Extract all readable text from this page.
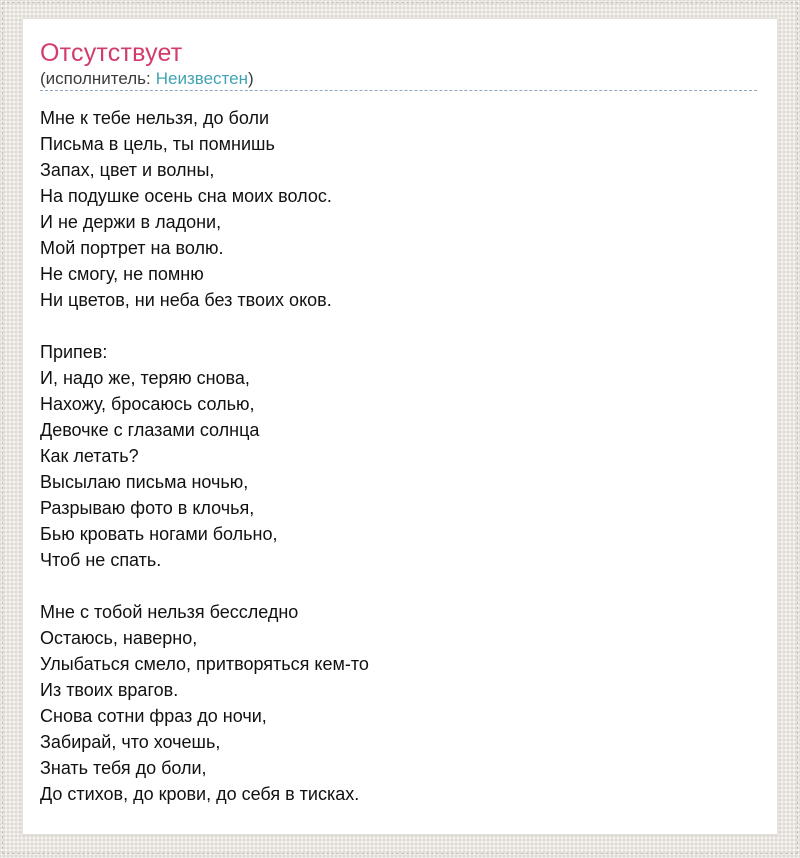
Отсутствует
(исполнитель: Неизвестен)
Мне к тебе нельзя, до боли
Письма в цель, ты помнишь
Запах, цвет и волны,
На подушке осень сна моих волос.
И не держи в ладони,
Мой портрет на волю.
Не смогу, не помню
Ни цветов, ни неба без твоих оков.
Припев:
И, надо же, теряю снова,
Нахожу, бросаюсь солью,
Девочке с глазами солнца
Как летать?
Высылаю письма ночью,
Разрываю фото в клочья,
Бью кровать ногами больно,
Чтоб не спать.
Мне с тобой нельзя бесследно
Остаюсь, наверно,
Улыбаться смело, притворяться кем-то
Из твоих врагов.
Снова сотни фраз до ночи,
Забирай, что хочешь,
Знать тебя до боли,
До стихов, до крови, до себя в тисках.
